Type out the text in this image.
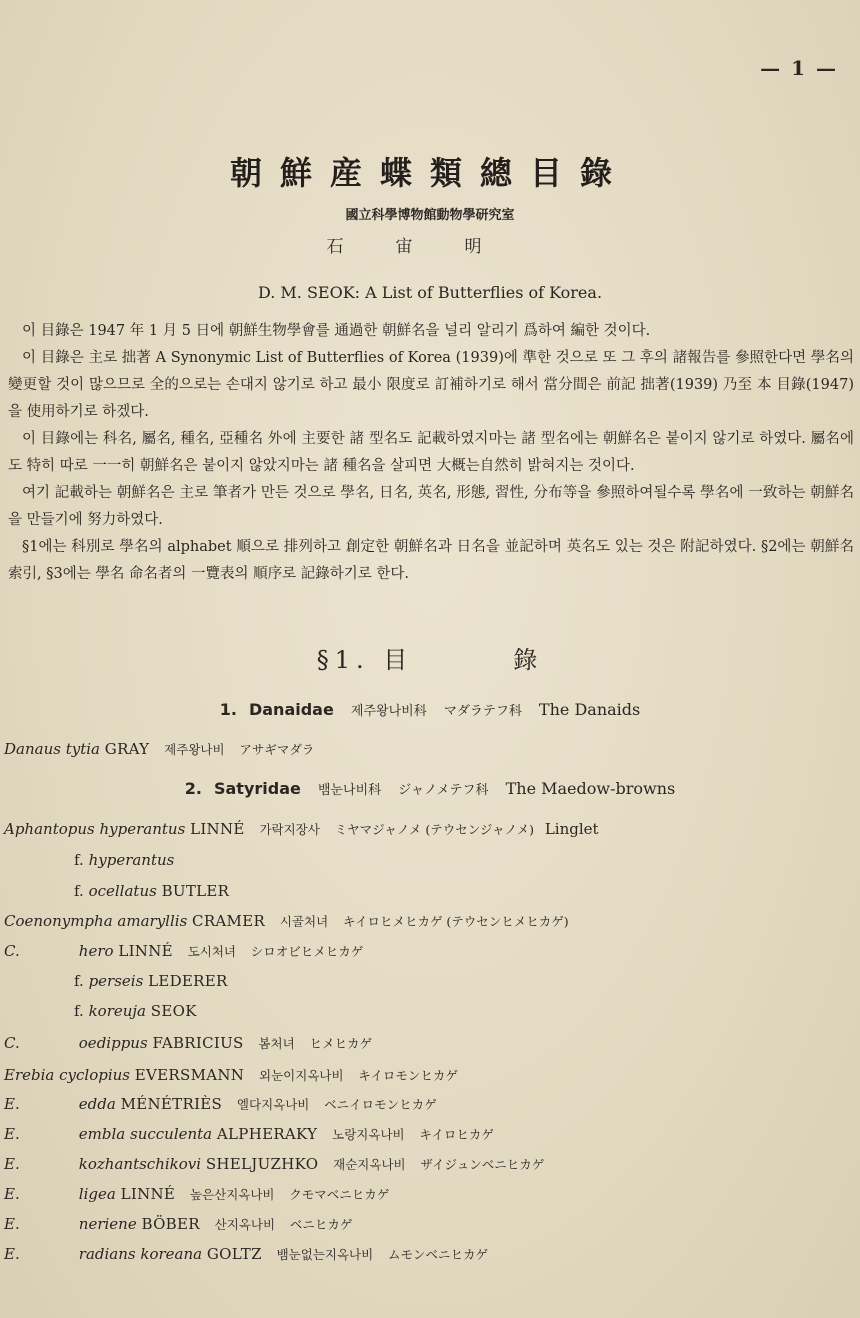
— 1 —
朝鮮産蝶類總目錄
國立科學博物館動物學研究室
石宙明
D. M. SEOK: A List of Butterflies of Korea.

이 目錄은 1947 年 1 月 5 日에 朝鮮生物學會를 通過한 朝鮮名을 널리 알리기 爲하여 編한 것이다.

이 目錄은 主로 拙著 A Synonymic List of Butterflies of Korea (1939)에 準한 것으로 또 그 후의 諸報告를 參照한다면 學名의 變更할 것이 많으므로 全的으로는 손대지 않기로 하고 最小 限度로 訂補하기로 해서 當分間은 前記 拙著(1939) 乃至 本 目錄(1947)을 使用하기로 하겠다.

이 目錄에는 科名, 屬名, 種名, 亞種名 外에 主要한 諸 型名도 記載하였지마는 諸 型名에는 朝鮮名은 붙이지 않기로 하였다. 屬名에도 特히 따로 一一히 朝鮮名은 붙이지 않았지마는 諸 種名을 살피면 大概는自然히 밝혀지는 것이다.

여기 記載하는 朝鮮名은 主로 筆者가 만든 것으로 學名, 日名, 英名, 形態, 習性, 分布等을 參照하여될수록 學名에 一致하는 朝鮮名을 만들기에 努力하였다.

§1에는 科別로 學名의 alphabet 順으로 排列하고 創定한 朝鮮名과 日名을 並記하며 英名도 있는 것은 附記하였다. §2에는 朝鮮名 索引, §3에는 學名 命名者의 一覽表의 順序로 記錄하기로 한다.

§1. 目	錄
1. Danaidae 제주왕나비科 マダラテフ科 The Danaids
Danaus tytia GRAY 제주왕나비 アサギマダラ
2. Satyridae 뱀눈나비科 ジャノメテフ科 The Maedow-browns
Aphantopus hyperantus LINNÉ 가락지장사 ミヤマジャノメ (テウセンジャノメ) Linglet
f. hyperantus
f. ocellatus BUTLER
Coenonympha amaryllis CRAMER 시골처녀 キイロヒメヒカゲ (テウセンヒメヒカゲ)
C.	hero LINNÉ 도시처녀 シロオビヒメヒカゲ
f. perseis LEDERER
f. koreuja SEOK
C.	oedippus FABRICIUS 봄처녀 ヒメヒカゲ
Erebia cyclopius EVERSMANN 외눈이지옥나비 キイロモンヒカゲ
E.	edda MÉNÉTRIÈS 엘다지옥나비 ベニイロモンヒカゲ
E.	embla succulenta ALPHERAKY 노랑지옥나비 キイロヒカゲ
E.	kozhantschikovi SHELJUZHKO 재순지옥나비 ザイジュンベニヒカゲ
E.	ligea LINNÉ 높은산지옥나비 クモマベニヒカゲ
E.	neriene BÖBER 산지옥나비 ベニヒカゲ
E.	radians koreana GOLTZ 뱀눈없는지옥나비 ムモンベニヒカゲ
